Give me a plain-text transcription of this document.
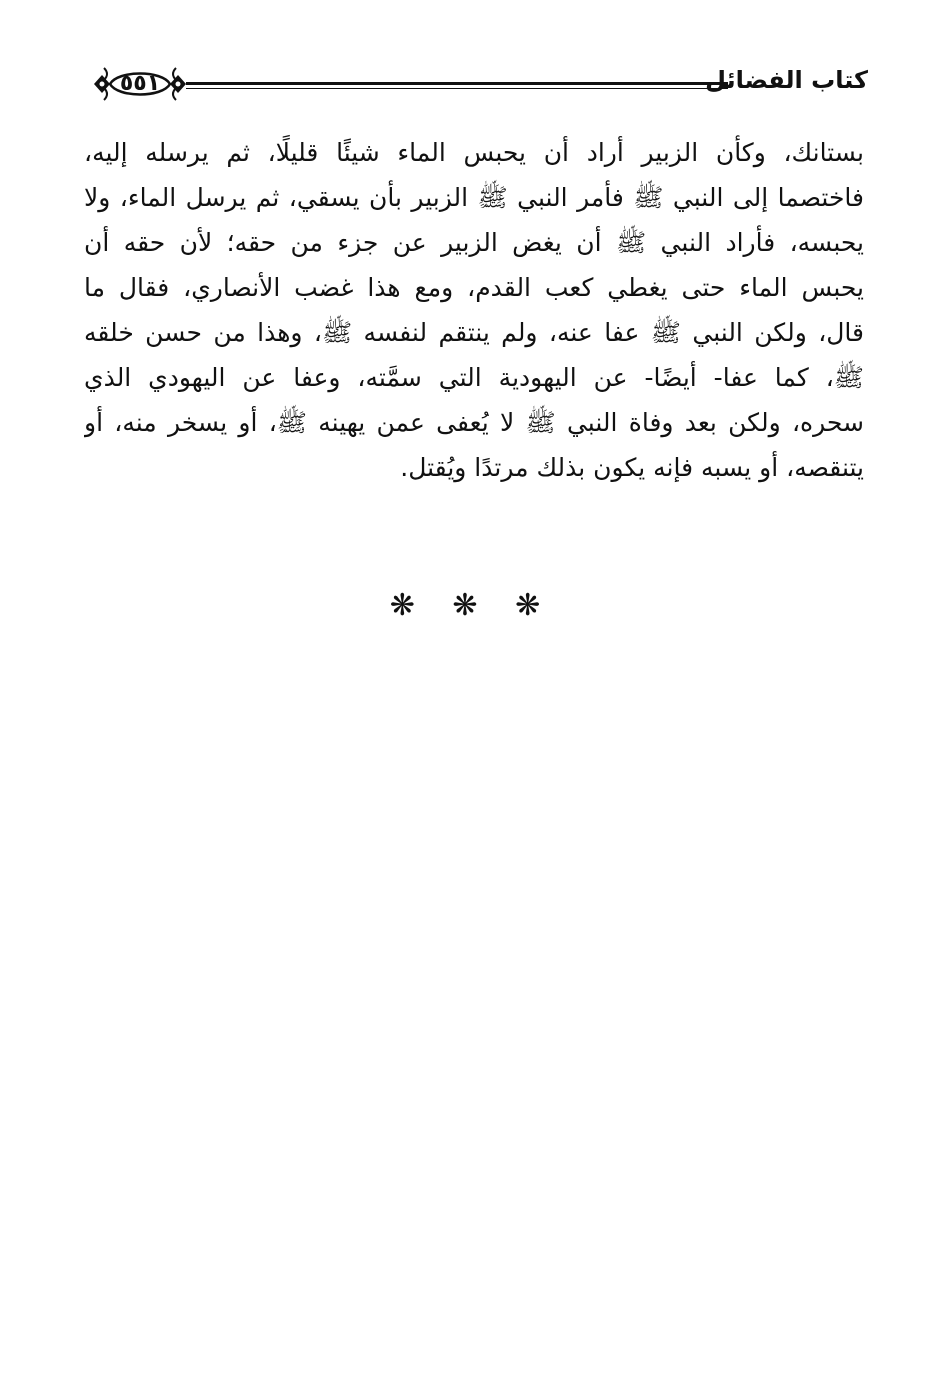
٥٥١	كتاب الفضائل
بستانك، وكأن الزبير أراد أن يحبس الماء شيئًا قليلًا، ثم يرسله إليه،
فاختصما إلى النبي ﷺ فأمر النبي ﷺ الزبير بأن يسقي، ثم يرسل الماء، ولا
يحبسه، فأراد النبي ﷺ أن يغض الزبير عن جزء من حقه؛ لأن حقه أن
يحبس الماء حتى يغطي كعب القدم، ومع هذا غضب الأنصاري، فقال ما
قال، ولكن النبي ﷺ عفا عنه، ولم ينتقم لنفسه ﷺ، وهذا من حسن خلقه
ﷺ، كما عفا- أيضًا- عن اليهودية التي سمَّته، وعفا عن اليهودي الذي
سحره، ولكن بعد وفاة النبي ﷺ لا يُعفى عمن يهينه ﷺ، أو يسخر منه، أو
يتنقصه، أو يسبه فإنه يكون بذلك مرتدًا ويُقتل.
❋ ❋ ❋
